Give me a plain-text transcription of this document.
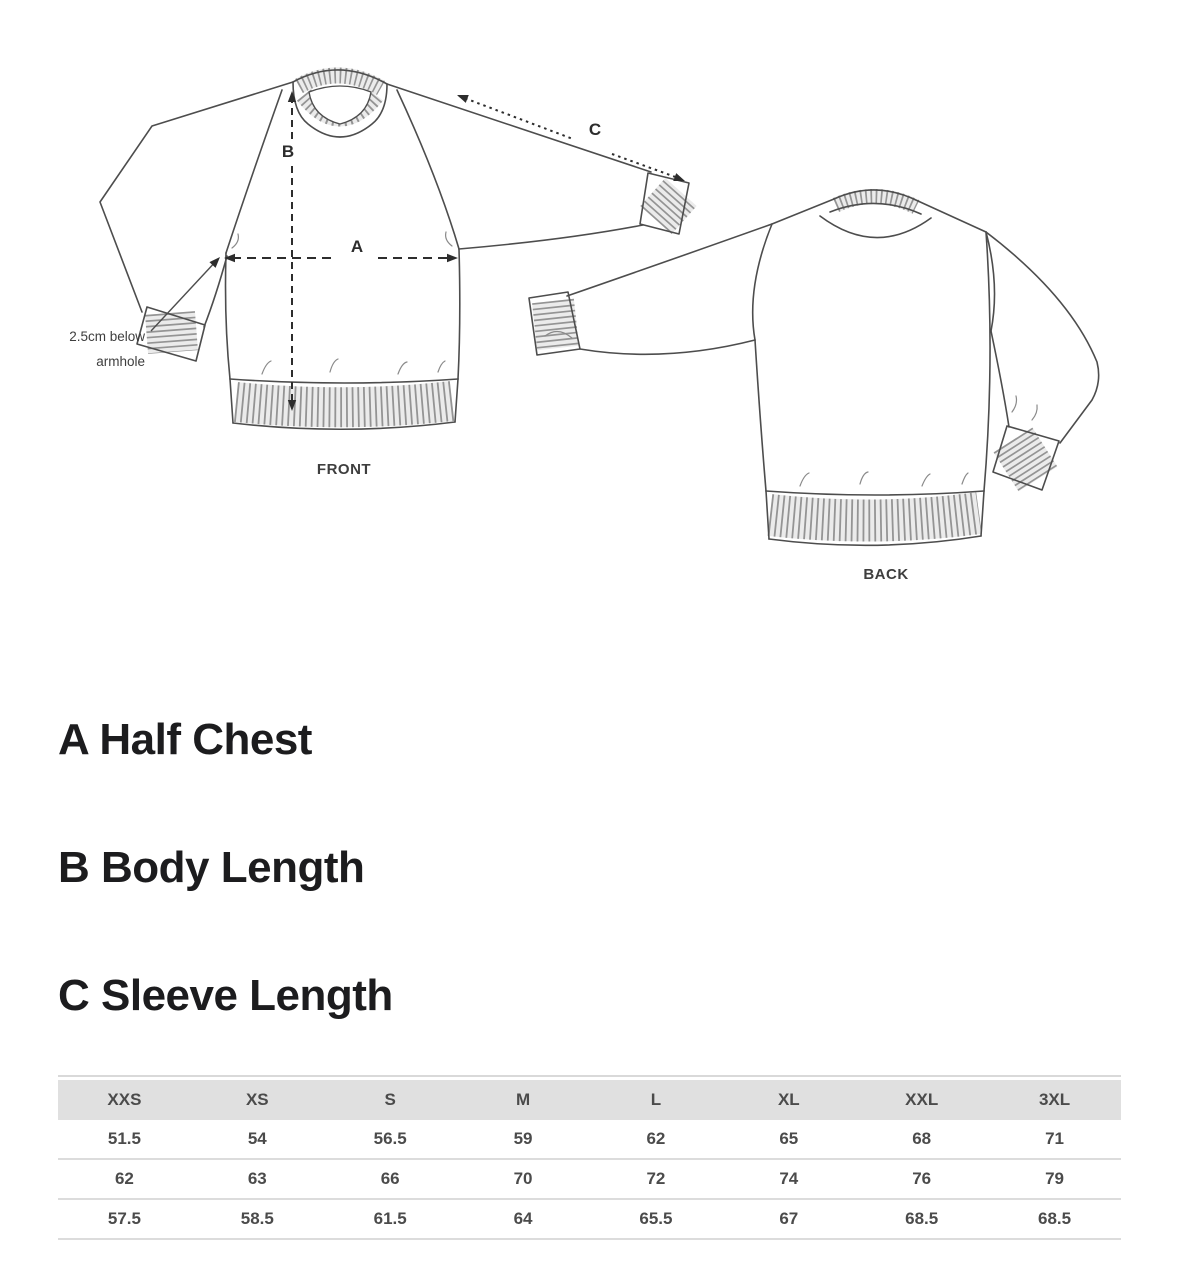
B
A
C
2.5cm below
armhole
FRONT
BACK
A Half Chest
B Body Length
C Sleeve Length
XXS	XS	S	M	L	XL	XXL	3XL
51.5	54	56.5	59	62	65	68	71
62	63	66	70	72	74	76	79
57.5	58.5	61.5	64	65.5	67	68.5	68.5
